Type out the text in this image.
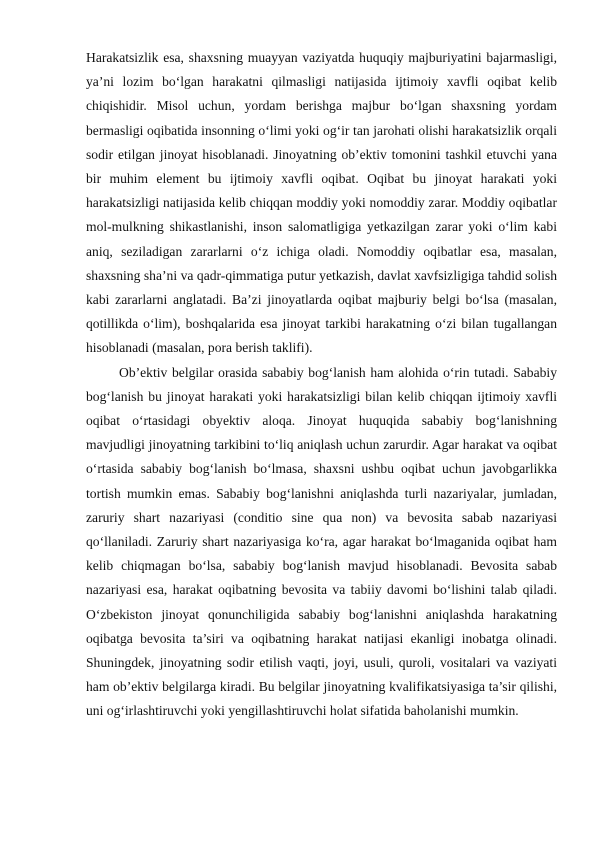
Harakatsizlik esa, shaxsning muayyan vaziyatda huquqiy majburiyatini bajarmasligi, ya’ni lozim bo‘lgan harakatni qilmasligi natijasida ijtimoiy xavfli oqibat kelib chiqishidir. Misol uchun, yordam berishga majbur bo‘lgan shaxsning yordam bermasligi oqibatida insonning o‘limi yoki og‘ir tan jarohati olishi harakatsizlik orqali sodir etilgan jinoyat hisoblanadi. Jinoyatning ob’ektiv tomonini tashkil etuvchi yana bir muhim element bu ijtimoiy xavfli oqibat. Oqibat bu jinoyat harakati yoki harakatsizligi natijasida kelib chiqqan moddiy yoki nomoddiy zarar. Moddiy oqibatlar mol-mulkning shikastlanishi, inson salomatligiga yetkazilgan zarar yoki o‘lim kabi aniq, seziladigan zararlarni o‘z ichiga oladi. Nomoddiy oqibatlar esa, masalan, shaxsning sha’ni va qadr-qimmatiga putur yetkazish, davlat xavfsizligiga tahdid solish kabi zararlarni anglatadi. Ba’zi jinoyatlarda oqibat majburiy belgi bo‘lsa (masalan, qotillikda o‘lim), boshqalarida esa jinoyat tarkibi harakatning o‘zi bilan tugallangan hisoblanadi (masalan, pora berish taklifi).

Ob’ektiv belgilar orasida sababiy bog‘lanish ham alohida o‘rin tutadi. Sababiy bog‘lanish bu jinoyat harakati yoki harakatsizligi bilan kelib chiqqan ijtimoiy xavfli oqibat o‘rtasidagi obyektiv aloqa. Jinoyat huquqida sababiy bog‘lanishning mavjudligi jinoyatning tarkibini to‘liq aniqlash uchun zarurdir. Agar harakat va oqibat o‘rtasida sababiy bog‘lanish bo‘lmasa, shaxsni ushbu oqibat uchun javobgarlikka tortish mumkin emas. Sababiy bog‘lanishni aniqlashda turli nazariyalar, jumladan, zaruriy shart nazariyasi (conditio sine qua non) va bevosita sabab nazariyasi qo‘llaniladi. Zaruriy shart nazariyasiga ko‘ra, agar harakat bo‘lmaganida oqibat ham kelib chiqmagan bo‘lsa, sababiy bog‘lanish mavjud hisoblanadi. Bevosita sabab nazariyasi esa, harakat oqibatning bevosita va tabiiy davomi bo‘lishini talab qiladi. O‘zbekiston jinoyat qonunchiligida sababiy bog‘lanishni aniqlashda harakatning oqibatga bevosita ta’siri va oqibatning harakat natijasi ekanligi inobatga olinadi. Shuningdek, jinoyatning sodir etilish vaqti, joyi, usuli, quroli, vositalari va vaziyati ham ob’ektiv belgilarga kiradi. Bu belgilar jinoyatning kvalifikatsiyasiga ta’sir qilishi, uni og‘irlashtiruvchi yoki yengillashtiruvchi holat sifatida baholanishi mumkin.
